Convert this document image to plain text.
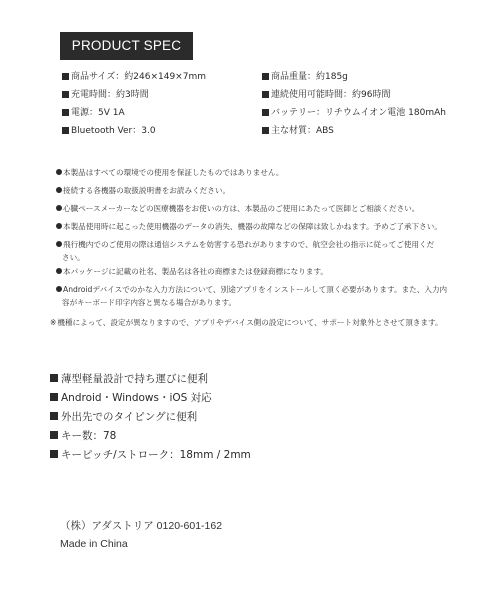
PRODUCT SPEC
商品サイズ：約246×149×7mm	商品重量：約185g
充電時間：約3時間	連続使用可能時間：約96時間
電源：5V 1A	バッテリー：リチウムイオン電池 180mAh
Bluetooth Ver：3.0	主な材質：ABS
本製品はすべての環境での使用を保証したものではありません。
接続する各機器の取扱説明書をお読みください。
心臓ペースメーカーなどの医療機器をお使いの方は、本製品のご使用にあたって医師とご相談ください。
本製品使用時に起こった使用機器のデータの消失、機器の故障などの保障は致しかねます。予めご了承下さい。
飛行機内でのご使用の際は通信システムを妨害する恐れがありますので、航空会社の指示に従ってご使用くだ
さい。
本パッケージに記載の社名、製品名は各社の商標または登録商標になります。
Androidデバイスでのかな入力方法について、別途アプリをインストールして頂く必要があります。また、入力内
容がキーボード印字内容と異なる場合があります。
※機種によって、設定が異なりますので、アプリやデバイス側の設定について、サポート対象外とさせて頂きます。
薄型軽量設計で持ち運びに便利
Android・Windows・iOS 対応
外出先でのタイピングに便利
キー数：78
キーピッチ/ストローク：18mm / 2mm
（株）アダストリア 0120-601-162
Made in China
